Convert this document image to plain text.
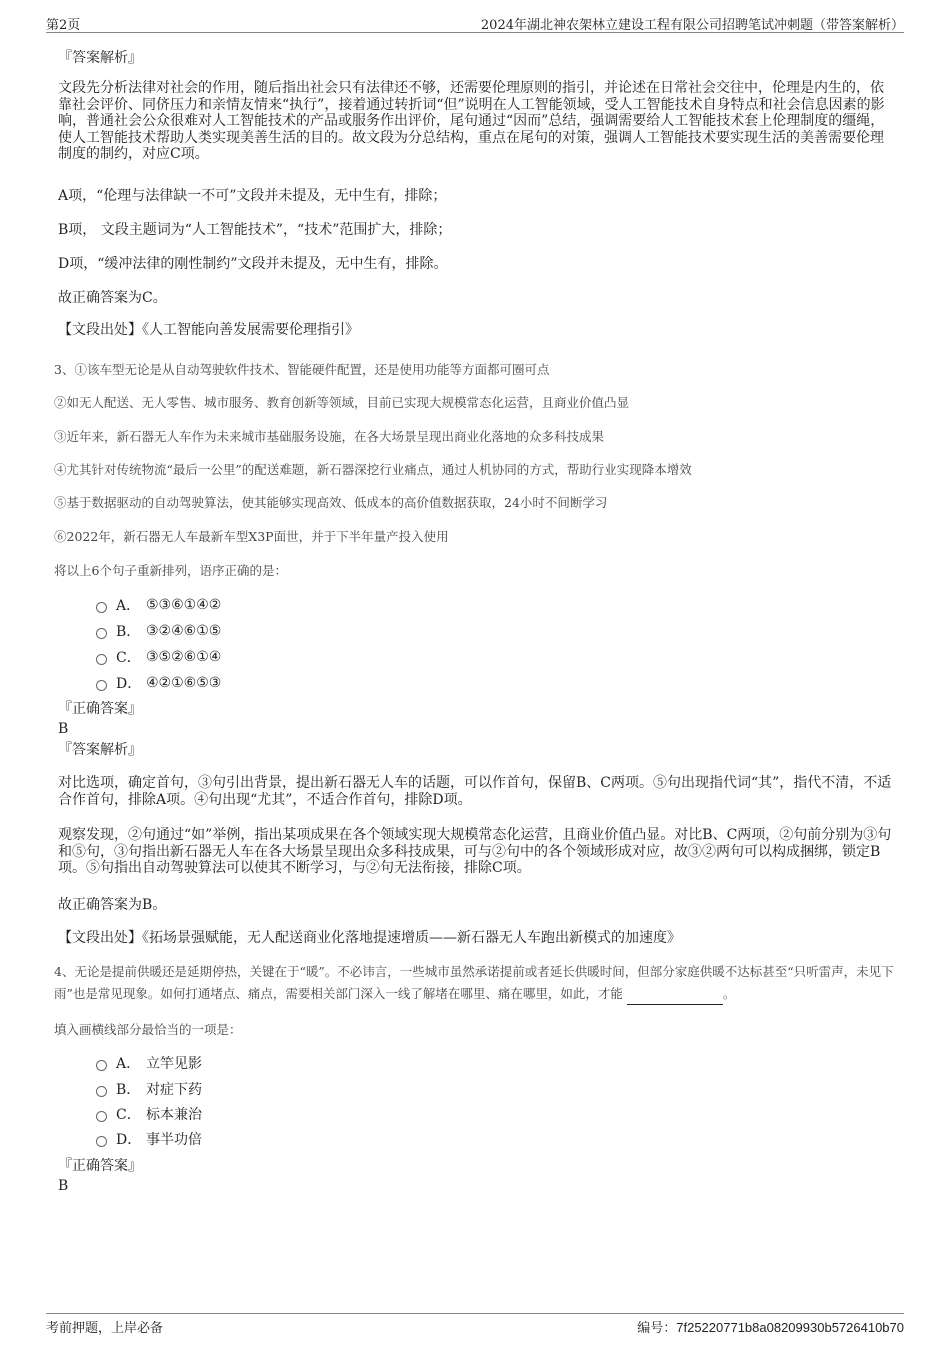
第2页	2024年湖北神农架林立建设工程有限公司招聘笔试冲刺题（带答案解析）
『答案解析』
文段先分析法律对社会的作用，随后指出社会只有法律还不够，还需要伦理原则的指引，并论述在日常社会交往中，伦理是内生的，依靠社会评价、同侪压力和亲情友情来“执行”，接着通过转折词“但”说明在人工智能领域，受人工智能技术自身特点和社会信息因素的影响，普通社会公众很难对人工智能技术的产品或服务作出评价，尾句通过“因而”总结，强调需要给人工智能技术套上伦理制度的缰绳，使人工智能技术帮助人类实现美善生活的目的。故文段为分总结构，重点在尾句的对策，强调人工智能技术要实现生活的美善需要伦理制度的制约，对应C项。
A项，“伦理与法律缺一不可”文段并未提及，无中生有，排除；
B项， 文段主题词为“人工智能技术”，“技术”范围扩大，排除；
D项，“缓冲法律的刚性制约”文段并未提及，无中生有，排除。
故正确答案为C。
【文段出处】《人工智能向善发展需要伦理指引》
3、①该车型无论是从自动驾驶软件技术、智能硬件配置，还是使用功能等方面都可圈可点
②如无人配送、无人零售、城市服务、教育创新等领域，目前已实现大规模常态化运营，且商业价值凸显
③近年来，新石器无人车作为未来城市基础服务设施，在各大场景呈现出商业化落地的众多科技成果
④尤其针对传统物流“最后一公里”的配送难题，新石器深挖行业痛点，通过人机协同的方式，帮助行业实现降本增效
⑤基于数据驱动的自动驾驶算法，使其能够实现高效、低成本的高价值数据获取，24小时不间断学习
⑥2022年，新石器无人车最新车型X3P面世，并于下半年量产投入使用
将以上6个句子重新排列，语序正确的是：
A． ⑤③⑥①④②
B． ③②④⑥①⑤
C． ③⑤②⑥①④
D． ④②①⑥⑤③
『正确答案』
B
『答案解析』
对比选项，确定首句，③句引出背景，提出新石器无人车的话题，可以作首句，保留B、C两项。⑤句出现指代词“其”，指代不清，不适合作首句，排除A项。④句出现“尤其”，不适合作首句，排除D项。
观察发现，②句通过“如”举例，指出某项成果在各个领域实现大规模常态化运营，且商业价值凸显。对比B、C两项，②句前分别为③句和⑤句，③句指出新石器无人车在各大场景呈现出众多科技成果，可与②句中的各个领域形成对应，故③②两句可以构成捆绑，锁定B项。⑤句指出自动驾驶算法可以使其不断学习，与②句无法衔接，排除C项。
故正确答案为B。
【文段出处】《拓场景强赋能，无人配送商业化落地提速增质——新石器无人车跑出新模式的加速度》
4、无论是提前供暖还是延期停热，关键在于“暖”。不必讳言，一些城市虽然承诺提前或者延长供暖时间，但部分家庭供暖不达标甚至“只听雷声，未见下雨”也是常见现象。如何打通堵点、痛点，需要相关部门深入一线了解堵在哪里、痛在哪里，如此，才能	。
填入画横线部分最恰当的一项是：
A． 立竿见影
B． 对症下药
C． 标本兼治
D． 事半功倍
『正确答案』
B
考前押题，上岸必备	编号：7f25220771b8a08209930b5726410b70
